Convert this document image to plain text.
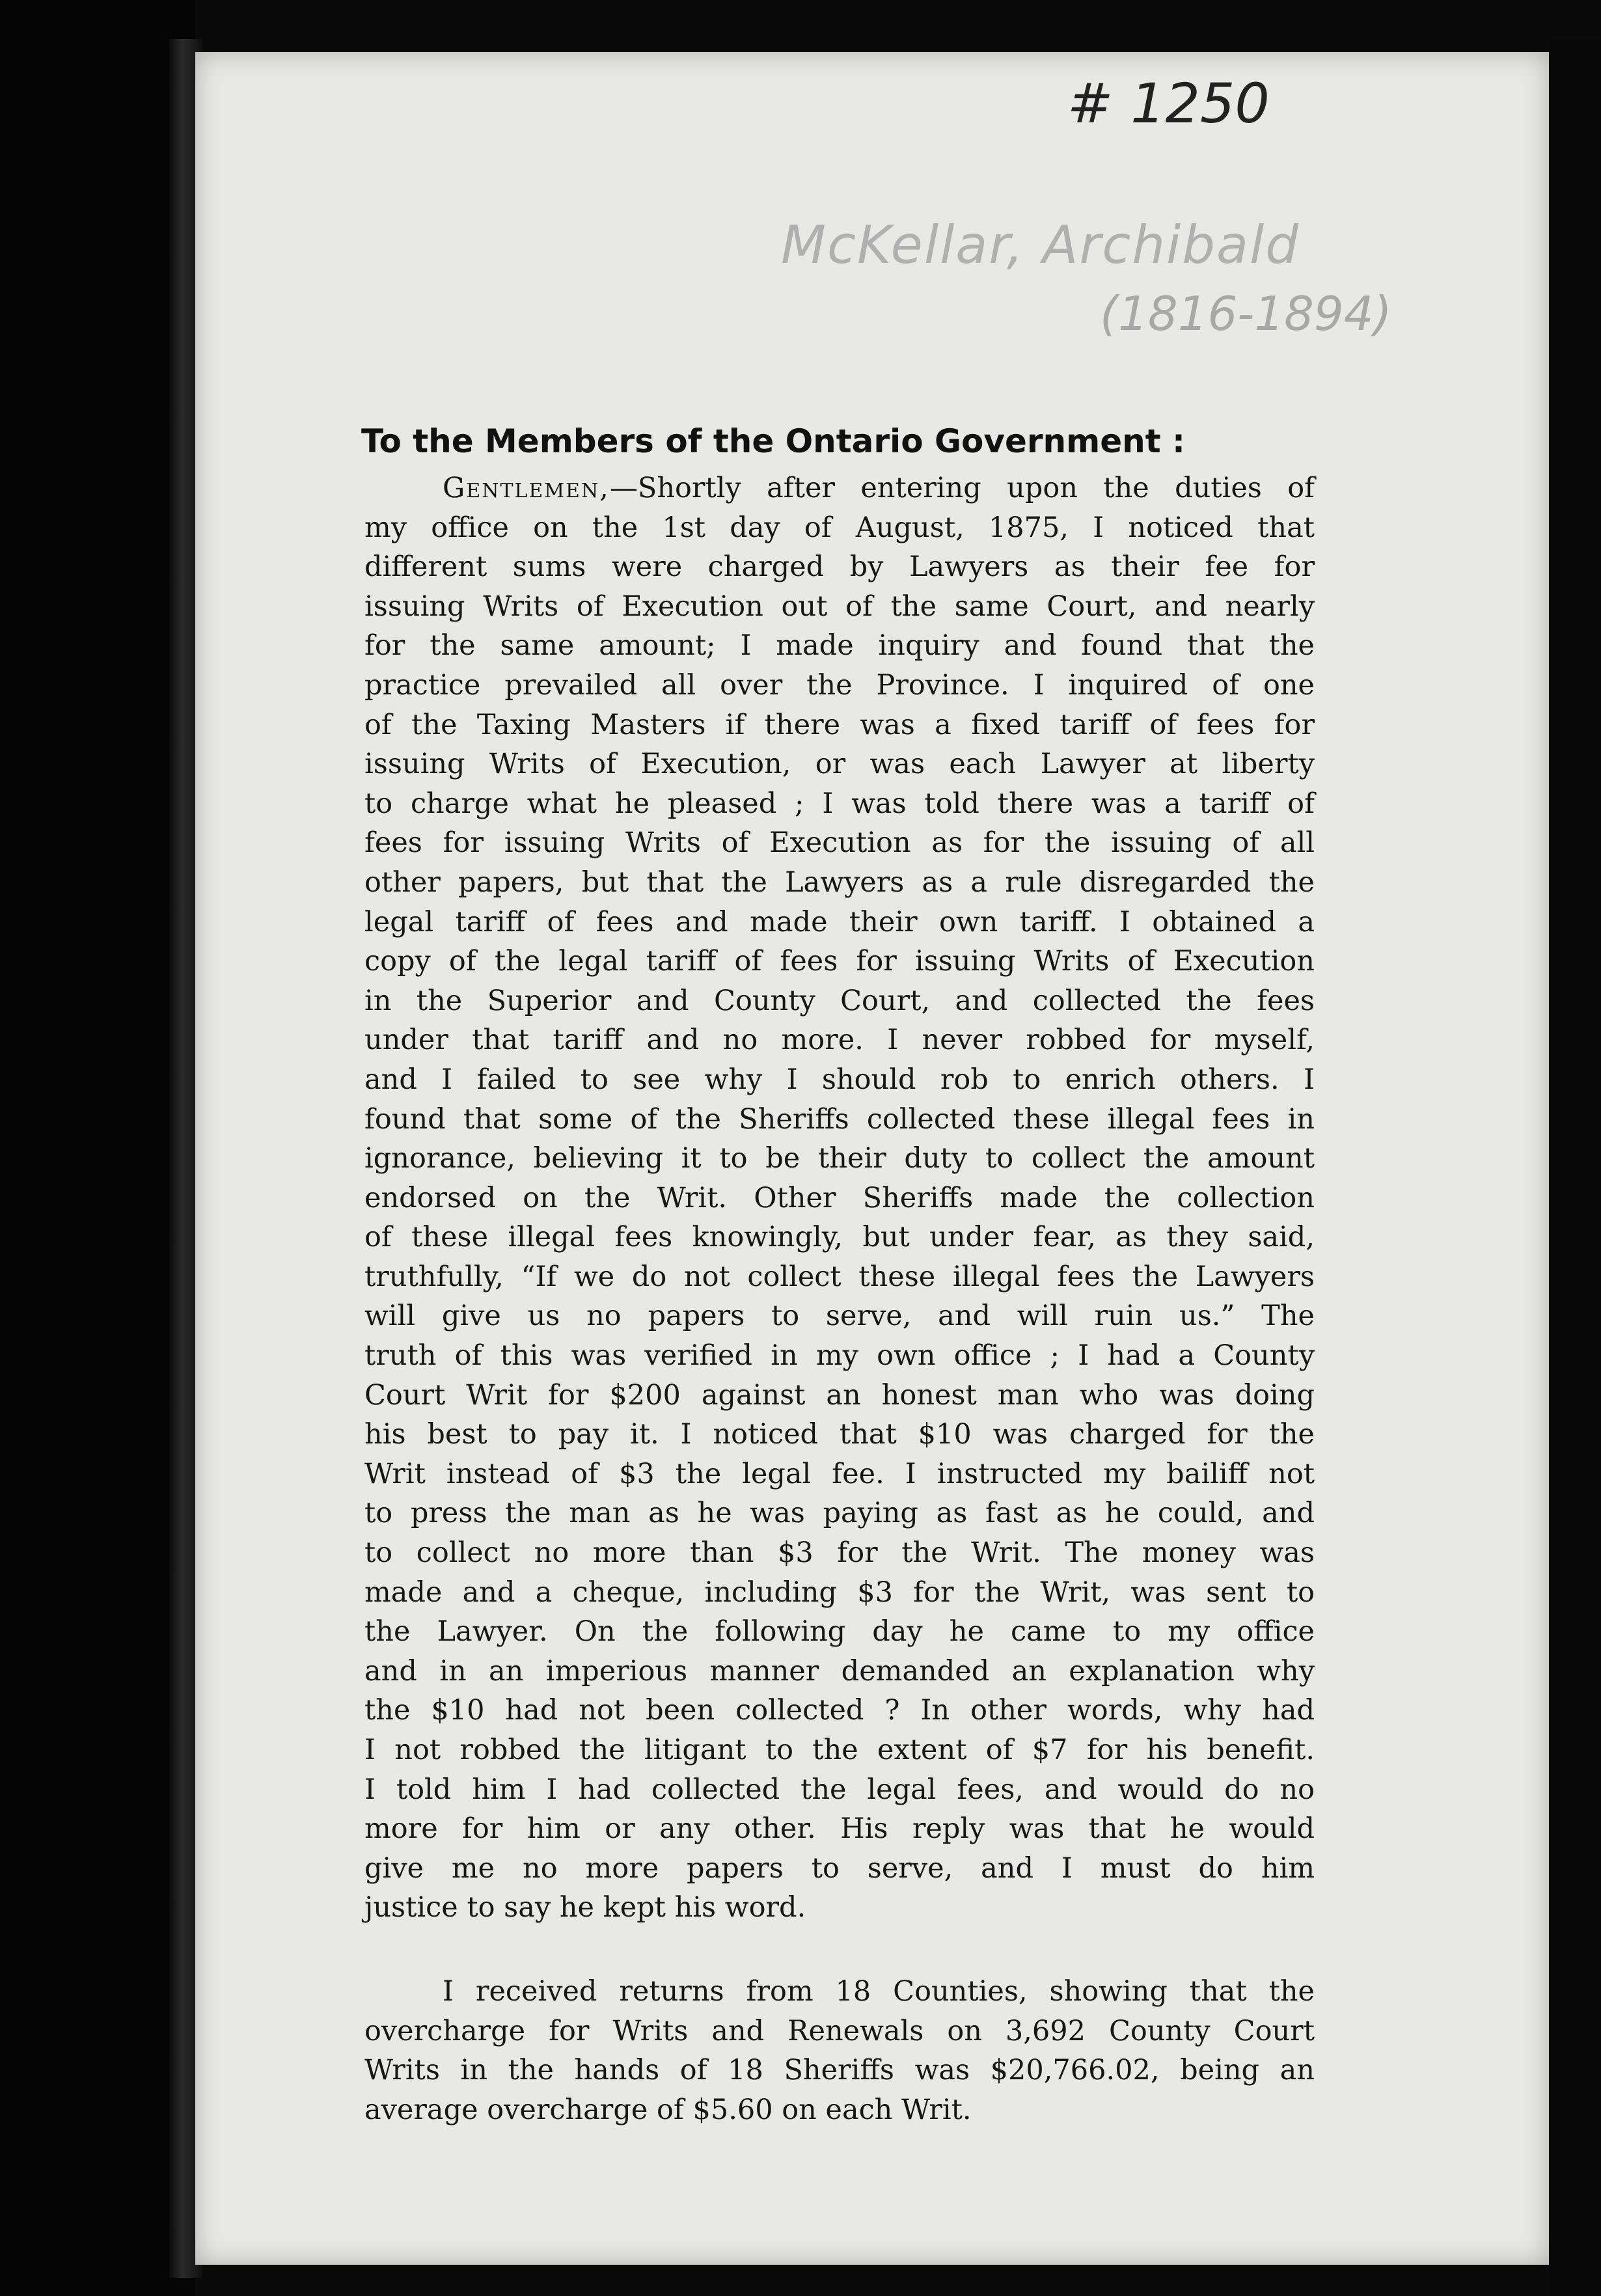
# 1250
McKellar, Archibald
(1816-1894)
To the Members of the Ontario Government :

Gentlemen,—Shortly after entering upon the duties of
my office on the 1st day of August, 1875, I noticed that
different sums were charged by Lawyers as their fee for
issuing Writs of Execution out of the same Court, and nearly
for the same amount; I made inquiry and found that the
practice prevailed all over the Province. I inquired of one
of the Taxing Masters if there was a fixed tariff of fees for
issuing Writs of Execution, or was each Lawyer at liberty
to charge what he pleased ; I was told there was a tariff of
fees for issuing Writs of Execution as for the issuing of all
other papers, but that the Lawyers as a rule disregarded the
legal tariff of fees and made their own tariff. I obtained a
copy of the legal tariff of fees for issuing Writs of Execution
in the Superior and County Court, and collected the fees
under that tariff and no more. I never robbed for myself,
and I failed to see why I should rob to enrich others. I
found that some of the Sheriffs collected these illegal fees in
ignorance, believing it to be their duty to collect the amount
endorsed on the Writ. Other Sheriffs made the collection
of these illegal fees knowingly, but under fear, as they said,
truthfully, “If we do not collect these illegal fees the Lawyers
will give us no papers to serve, and will ruin us.” The
truth of this was verified in my own office ; I had a County
Court Writ for $200 against an honest man who was doing
his best to pay it. I noticed that $10 was charged for the
Writ instead of $3 the legal fee. I instructed my bailiff not
to press the man as he was paying as fast as he could, and
to collect no more than $3 for the Writ. The money was
made and a cheque, including $3 for the Writ, was sent to
the Lawyer. On the following day he came to my office
and in an imperious manner demanded an explanation why
the $10 had not been collected ? In other words, why had
I not robbed the litigant to the extent of $7 for his benefit.
I told him I had collected the legal fees, and would do no
more for him or any other. His reply was that he would
give me no more papers to serve, and I must do him
justice to say he kept his word.

I received returns from 18 Counties, showing that the
overcharge for Writs and Renewals on 3,692 County Court
Writs in the hands of 18 Sheriffs was $20,766.02, being an
average overcharge of $5.60 on each Writ.
